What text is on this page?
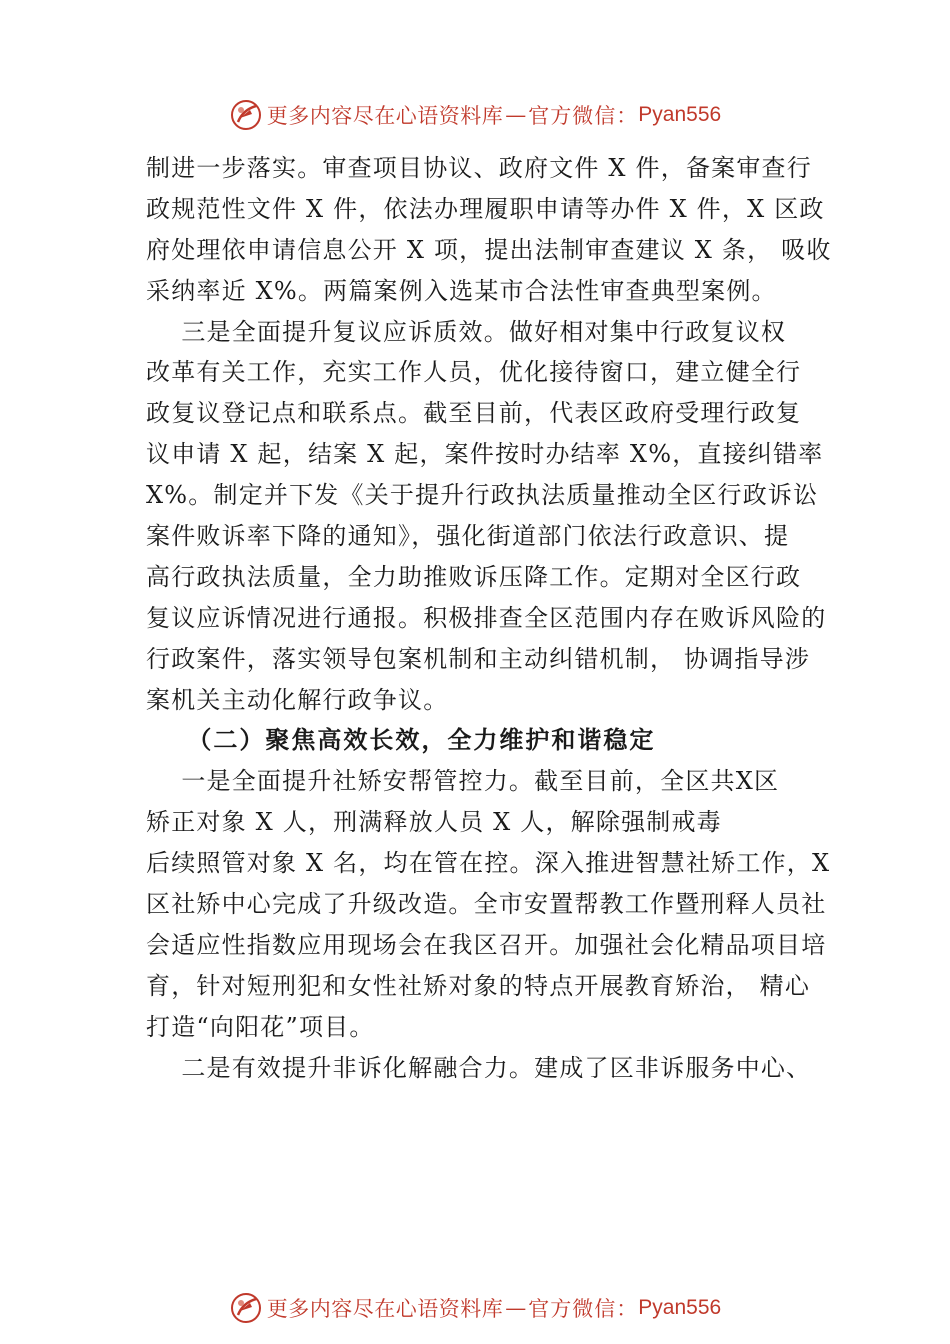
更多内容尽在心语资料库 — 官方微信： Pyan556
制进一步落实。审查项目协议、政府文件 X 件，备案审查行
政规范性文件 X 件，依法办理履职申请等办件 X 件，X 区政
府处理依申请信息公开 X 项，提出法制审查建议 X 条， 吸收
采纳率近 X%。两篇案例入选某市合法性审查典型案例。
三是全面提升复议应诉质效。做好相对集中行政复议权
改革有关工作，充实工作人员，优化接待窗口，建立健全行
政复议登记点和联系点。截至目前，代表区政府受理行政复
议申请 X 起，结案 X 起，案件按时办结率 X%，直接纠错率
X%。制定并下发《关于提升行政执法质量推动全区行政诉讼
案件败诉率下降的通知》，强化街道部门依法行政意识、提
高行政执法质量，全力助推败诉压降工作。定期对全区行政
复议应诉情况进行通报。积极排查全区范围内存在败诉风险的
行政案件，落实领导包案机制和主动纠错机制， 协调指导涉
案机关主动化解行政争议。
（二）聚焦高效长效，全力维护和谐稳定
一是全面提升社矫安帮管控力。截至目前，全区共X区
矫正对象 X 人，刑满释放人员 X 人，解除强制戒毒
后续照管对象 X 名，均在管在控。深入推进智慧社矫工作，X
区社矫中心完成了升级改造。全市安置帮教工作暨刑释人员社
会适应性指数应用现场会在我区召开。加强社会化精品项目培
育，针对短刑犯和女性社矫对象的特点开展教育矫治， 精心
打造“向阳花”项目。
二是有效提升非诉化解融合力。建成了区非诉服务中心、
更多内容尽在心语资料库 — 官方微信： Pyan556
